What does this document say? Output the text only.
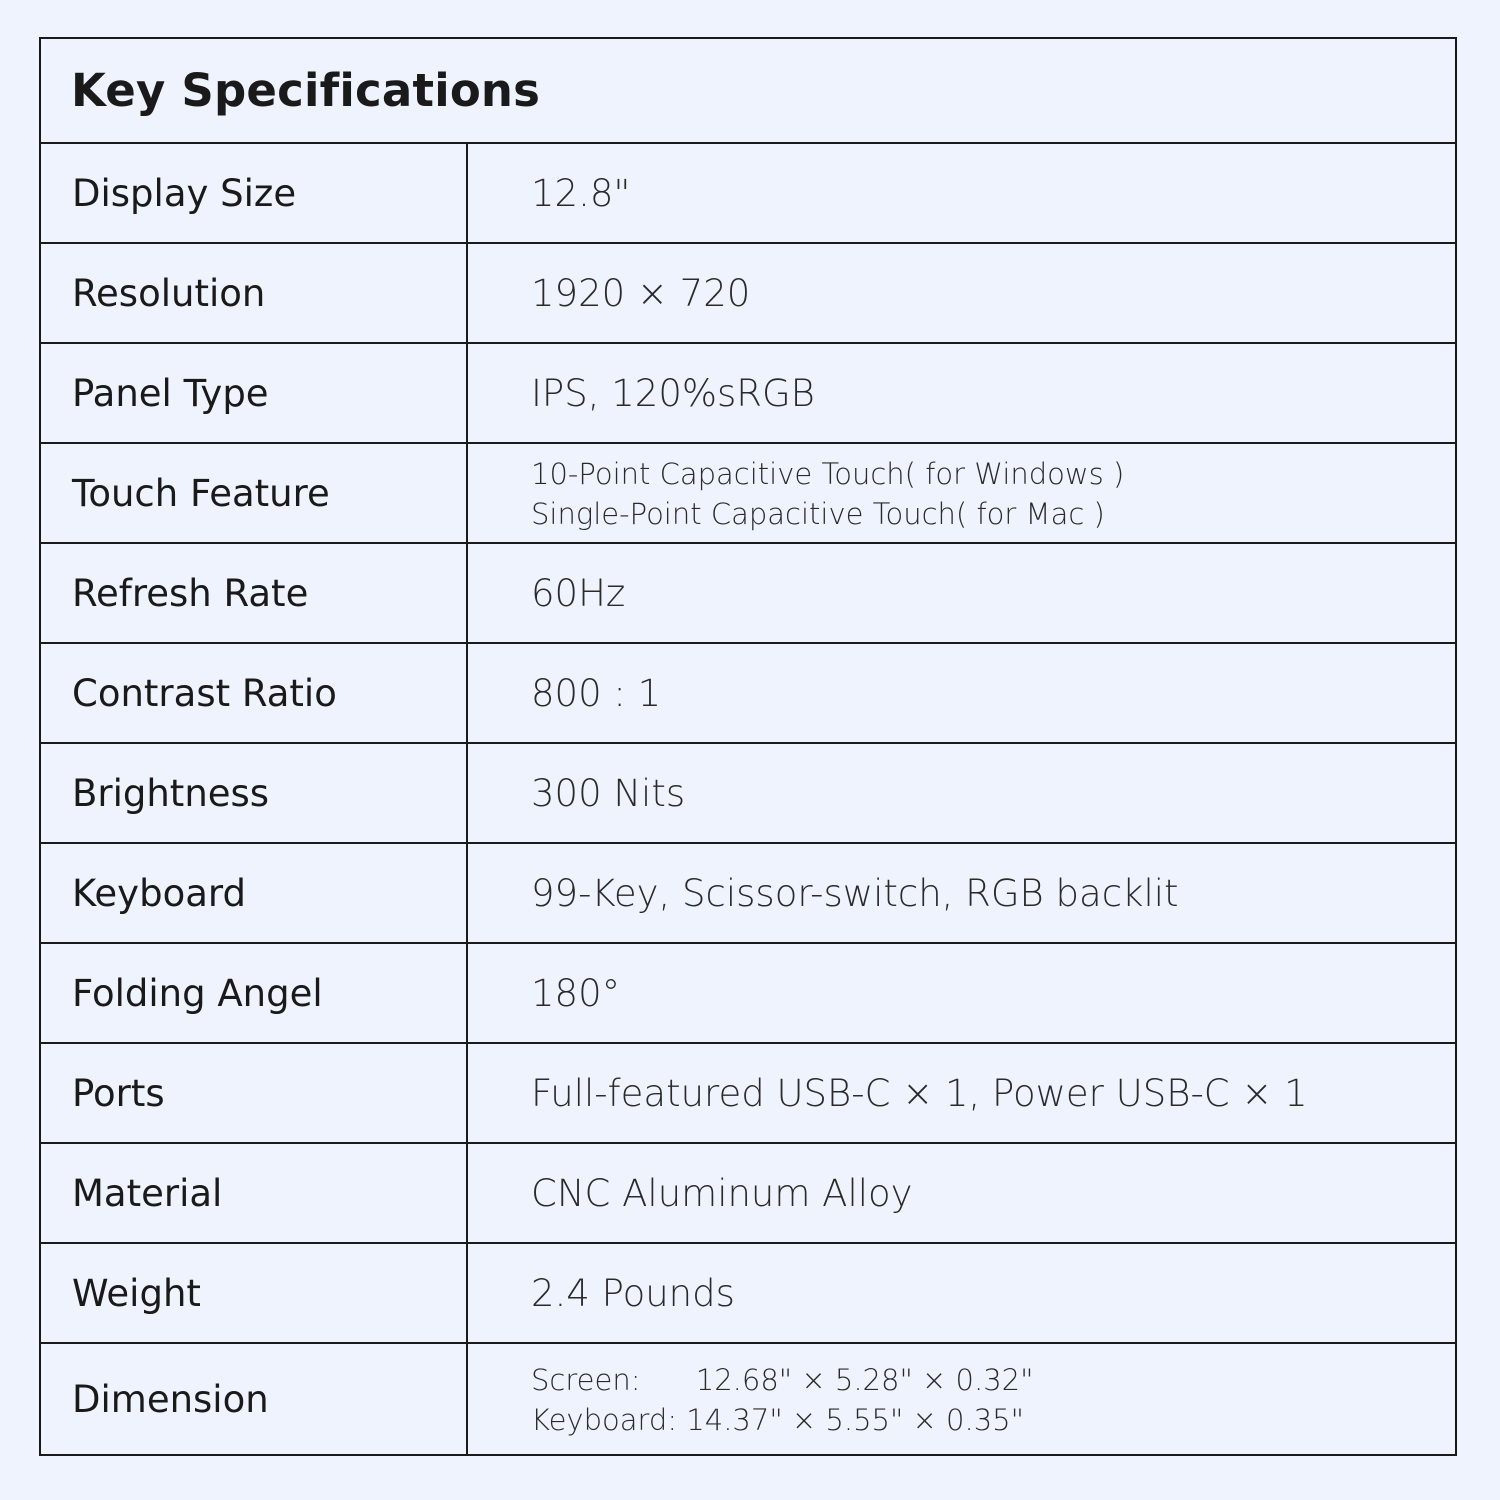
Key Specifications
Display Size	12.8"
Resolution	1920 × 720
Panel Type	IPS, 120%sRGB
Touch Feature	10-Point Capacitive Touch( for Windows )
Single-Point Capacitive Touch( for Mac )
Refresh Rate	60Hz
Contrast Ratio	800 : 1
Brightness	300 Nits
Keyboard	99-Key, Scissor-switch, RGB backlit
Folding Angel	180°
Ports	Full-featured USB-C × 1, Power USB-C × 1
Material	CNC Aluminum Alloy
Weight	2.4 Pounds
Dimension	Screen:      12.68" × 5.28" × 0.32"
Keyboard: 14.37" × 5.55" × 0.35"
